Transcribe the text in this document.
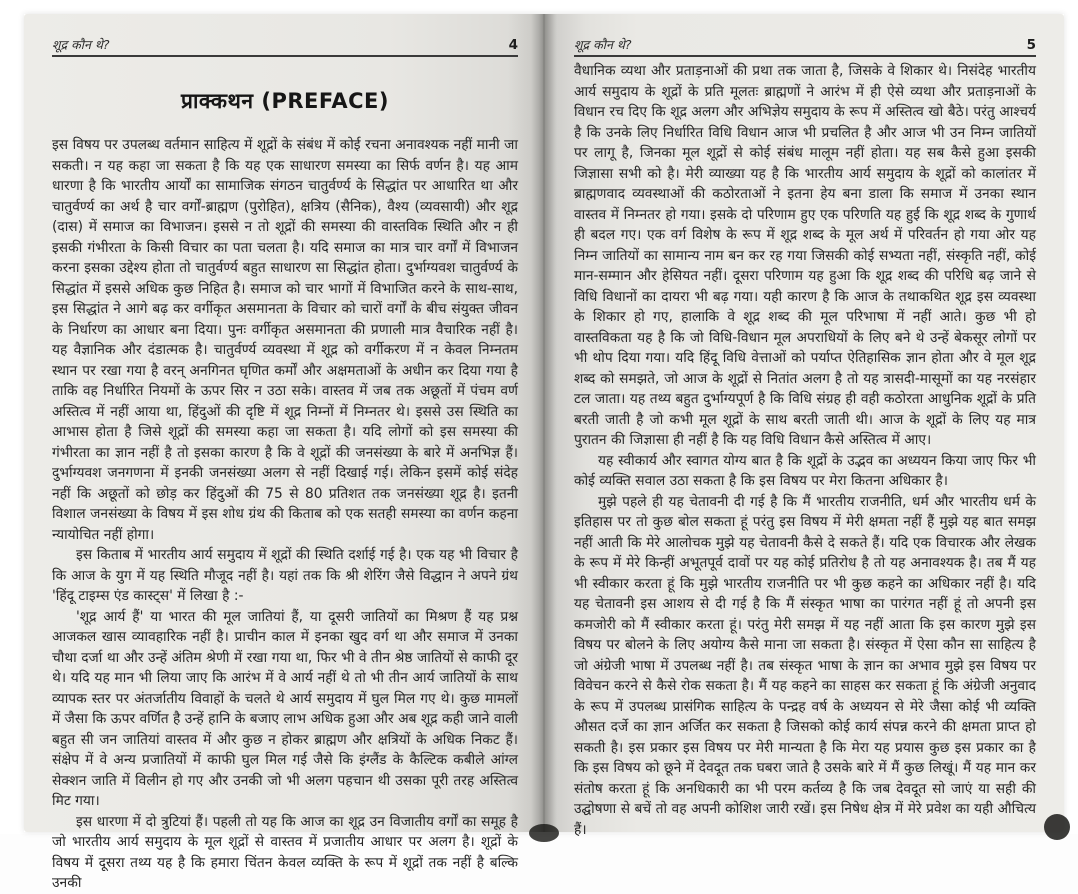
शूद्र कौन थे?	4
प्राक्कथन (PREFACE)

इस विषय पर उपलब्ध वर्तमान साहित्य में शूद्रों के संबंध में कोई रचना अनावश्यक नहीं मानी जा सकती। न यह कहा जा सकता है कि यह एक साधारण समस्या का सिर्फ वर्णन है। यह आम धारणा है कि भारतीय आर्यों का सामाजिक संगठन चातुर्वर्ण्य के सिद्धांत पर आधारित था और चातुर्वर्ण्य का अर्थ है चार वर्गों-ब्राह्मण (पुरोहित), क्षत्रिय (सैनिक), वैश्य (व्यवसायी) और शूद्र (दास) में समाज का विभाजन। इससे न तो शूद्रों की समस्या की वास्तविक स्थिति और न ही इसकी गंभीरता के किसी विचार का पता चलता है। यदि समाज का मात्र चार वर्गों में विभाजन करना इसका उद्देश्य होता तो चातुर्वर्ण्य बहुत साधारण सा सिद्धांत होता। दुर्भाग्यवश चातुर्वर्ण्य के सिद्धांत में इससे अधिक कुछ निहित है। समाज को चार भागों में विभाजित करने के साथ-साथ, इस सिद्धांत ने आगे बढ़ कर वर्गीकृत असमानता के विचार को चारों वर्गों के बीच संयुक्त जीवन के निर्धारण का आधार बना दिया। पुनः वर्गीकृत असमानता की प्रणाली मात्र वैचारिक नहीं है। यह वैज्ञानिक और दंडात्मक है। चातुर्वर्ण्य व्यवस्था में शूद्र को वर्गीकरण में न केवल निम्नतम स्थान पर रखा गया है वरन् अनगिनत घृणित कर्मों और अक्षमताओं के अधीन कर दिया गया है ताकि वह निर्धारित नियमों के ऊपर सिर न उठा सके। वास्तव में जब तक अछूतों में पंचम वर्ण अस्तित्व में नहीं आया था, हिंदुओं की दृष्टि में शूद्र निम्नों में निम्नतर थे। इससे उस स्थिति का आभास होता है जिसे शूद्रों की समस्या कहा जा सकता है। यदि लोगों को इस समस्या की गंभीरता का ज्ञान नहीं है तो इसका कारण है कि वे शूद्रों की जनसंख्या के बारे में अनभिज्ञ हैं। दुर्भाग्यवश जनगणना में इनकी जनसंख्या अलग से नहीं दिखाई गई। लेकिन इसमें कोई संदेह नहीं कि अछूतों को छोड़ कर हिंदुओं की 75 से 80 प्रतिशत तक जनसंख्या शूद्र है। इतनी विशाल जनसंख्या के विषय में इस शोध ग्रंथ की किताब को एक सतही समस्या का वर्णन कहना न्यायोचित नहीं होगा।

इस किताब में भारतीय आर्य समुदाय में शूद्रों की स्थिति दर्शाई गई है। एक यह भी विचार है कि आज के युग में यह स्थिति मौजूद नहीं है। यहां तक कि श्री शेरिंग जैसे विद्धान ने अपने ग्रंथ 'हिंदू टाइम्स एंड कास्ट्स' में लिखा है :-

'शूद्र आर्य हैं' या भारत की मूल जातियां हैं, या दूसरी जातियों का मिश्रण हैं यह प्रश्न आजकल खास व्यावहारिक नहीं है। प्राचीन काल में इनका खुद वर्ग था और समाज में उनका चौथा दर्जा था और उन्हें अंतिम श्रेणी में रखा गया था, फिर भी वे तीन श्रेष्ठ जातियों से काफी दूर थे। यदि यह मान भी लिया जाए कि आरंभ में वे आर्य नहीं थे तो भी तीन आर्य जातियों के साथ व्यापक स्तर पर अंतर्जातीय विवाहों के चलते थे आर्य समुदाय में घुल मिल गए थे। कुछ मामलों में जैसा कि ऊपर वर्णित है उन्हें हानि के बजाए लाभ अधिक हुआ और अब शूद्र कही जाने वाली बहुत सी जन जातियां वास्तव में और कुछ न होकर ब्राह्मण और क्षत्रियों के अधिक निकट हैं। संक्षेप में वे अन्य प्रजातियों में काफी घुल मिल गई जैसे कि इंग्लैंड के कैल्टिक कबीले आंग्ल सेक्शन जाति में विलीन हो गए और उनकी जो भी अलग पहचान थी उसका पूरी तरह अस्तित्व मिट गया।

इस धारणा में दो त्रुटियां हैं। पहली तो यह कि आज का शूद्र उन विजातीय वर्गों का समूह है जो भारतीय आर्य समुदाय के मूल शूद्रों से वास्तव में प्रजातीय आधार पर अलग है। शूद्रों के विषय में दूसरा तथ्य यह है कि हमारा चिंतन केवल व्यक्ति के रूप में शूद्रों तक नहीं है बल्कि उनकी

शूद्र कौन थे?	5

वैधानिक व्यथा और प्रताड़नाओं की प्रथा तक जाता है, जिसके वे शिकार थे। निसंदेह भारतीय आर्य समुदाय के शूद्रों के प्रति मूलतः ब्राह्मणों ने आरंभ में ही ऐसे व्यथा और प्रताड़नाओं के विधान रच दिए कि शूद्र अलग और अभिज्ञेय समुदाय के रूप में अस्तित्व खो बैठे। परंतु आश्चर्य है कि उनके लिए निर्धारित विधि विधान आज भी प्रचलित है और आज भी उन निम्न जातियों पर लागू है, जिनका मूल शूद्रों से कोई संबंध मालूम नहीं होता। यह सब कैसे हुआ इसकी जिज्ञासा सभी को है। मेरी व्याख्या यह है कि भारतीय आर्य समुदाय के शूद्रों को कालांतर में ब्राह्मणवाद व्यवस्थाओं की कठोरताओं ने इतना हेय बना डाला कि समाज में उनका स्थान वास्तव में निम्नतर हो गया। इसके दो परिणाम हुए एक परिणति यह हुई कि शूद्र शब्द के गुणार्थ ही बदल गए। एक वर्ग विशेष के रूप में शूद्र शब्द के मूल अर्थ में परिवर्तन हो गया ओर यह निम्न जातियों का सामान्य नाम बन कर रह गया जिसकी कोई सभ्यता नहीं, संस्कृति नहीं, कोई मान-सम्मान और हेसियत नहीं। दूसरा परिणाम यह हुआ कि शूद्र शब्द की परिधि बढ़ जाने से विधि विधानों का दायरा भी बढ़ गया। यही कारण है कि आज के तथाकथित शूद्र इस व्यवस्था के शिकार हो गए, हालाकि वे शूद्र शब्द की मूल परिभाषा में नहीं आते। कुछ भी हो वास्तविकता यह है कि जो विधि-विधान मूल अपराधियों के लिए बने थे उन्हें बेकसूर लोगों पर भी थोप दिया गया। यदि हिंदू विधि वेत्ताओं को पर्याप्त ऐतिहासिक ज्ञान होता और वे मूल शूद्र शब्द को समझते, जो आज के शूद्रों से नितांत अलग है तो यह त्रासदी-मासूमों का यह नरसंहार टल जाता। यह तथ्य बहुत दुर्भाग्यपूर्ण है कि विधि संग्रह ही वही कठोरता आधुनिक शूद्रों के प्रति बरती जाती है जो कभी मूल शूद्रों के साथ बरती जाती थी। आज के शूद्रों के लिए यह मात्र पुरातन की जिज्ञासा ही नहीं है कि यह विधि विधान कैसे अस्तित्व में आए।

यह स्वीकार्य और स्वागत योग्य बात है कि शूद्रों के उद्भव का अध्ययन किया जाए फिर भी कोई व्यक्ति सवाल उठा सकता है कि इस विषय पर मेरा कितना अधिकार है।

मुझे पहले ही यह चेतावनी दी गई है कि मैं भारतीय राजनीति, धर्म और भारतीय धर्म के इतिहास पर तो कुछ बोल सकता हूं परंतु इस विषय में मेरी क्षमता नहीं हैं मुझे यह बात समझ नहीं आती कि मेरे आलोचक मुझे यह चेतावनी कैसे दे सकते हैं। यदि एक विचारक और लेखक के रूप में मेरे किन्हीं अभूतपूर्व दावों पर यह कोई प्रतिरोध है तो यह अनावश्यक है। तब मैं यह भी स्वीकार करता हूं कि मुझे भारतीय राजनीति पर भी कुछ कहने का अधिकार नहीं है। यदि यह चेतावनी इस आशय से दी गई है कि मैं संस्कृत भाषा का पारंगत नहीं हूं तो अपनी इस कमजोरी को मैं स्वीकार करता हूं। परंतु मेरी समझ में यह नहीं आता कि इस कारण मुझे इस विषय पर बोलने के लिए अयोग्य कैसे माना जा सकता है। संस्कृत में ऐसा कौन सा साहित्य है जो अंग्रेजी भाषा में उपलब्ध नहीं है। तब संस्कृत भाषा के ज्ञान का अभाव मुझे इस विषय पर विवेचन करने से कैसे रोक सकता है। मैं यह कहने का साहस कर सकता हूं कि अंग्रेजी अनुवाद के रूप में उपलब्ध प्रासंगिक साहित्य के पन्द्रह वर्ष के अध्ययन से मेरे जैसा कोई भी व्यक्ति औसत दर्जे का ज्ञान अर्जित कर सकता है जिसको कोई कार्य संपन्न करने की क्षमता प्राप्त हो सकती है। इस प्रकार इस विषय पर मेरी मान्यता है कि मेरा यह प्रयास कुछ इस प्रकार का है कि इस विषय को छूने में देवदूत तक घबरा जाते है उसके बारे में मैं कुछ लिखूं। मैं यह मान कर संतोष करता हूं कि अनधिकारी का भी परम कर्तव्य है कि जब देवदूत सो जाएं या सही की उद्घोषणा से बचें तो वह अपनी कोशिश जारी रखें। इस निषेध क्षेत्र में मेरे प्रवेश का यही औचित्य हैं।
